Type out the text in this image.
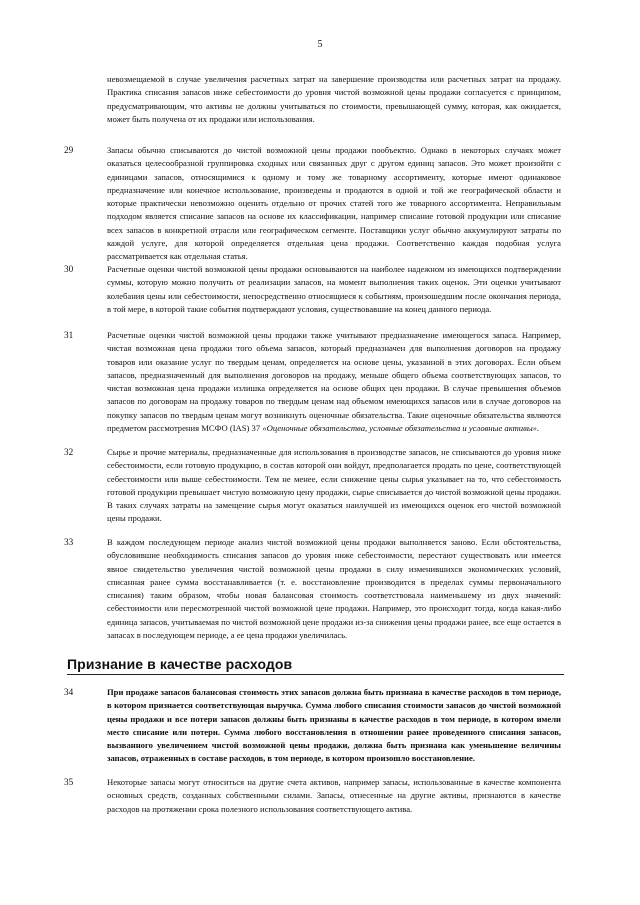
5
невозмещаемой в случае увеличения расчетных затрат на завершение производства или расчетных затрат на продажу. Практика списания запасов ниже себестоимости до уровня чистой возможной цены продажи согласуется с принципом, предусматривающим, что активы не должны учитываться по стоимости, превышающей сумму, которая, как ожидается, может быть получена от их продажи или использования.
29	Запасы обычно списываются до чистой возможной цены продажи пообъектно. Однако в некоторых случаях может оказаться целесообразной группировка сходных или связанных друг с другом единиц запасов. Это может произойти с единицами запасов, относящимися к одному и тому же товарному ассортименту, которые имеют одинаковое предназначение или конечное использование, произведены и продаются в одной и той же географической области и которые практически невозможно оценить отдельно от прочих статей того же товарного ассортимента. Неправильным подходом является списание запасов на основе их классификации, например списание готовой продукции или списание всех запасов в конкретной отрасли или географическом сегменте. Поставщики услуг обычно аккумулируют затраты по каждой услуге, для которой определяется отдельная цена продажи. Соответственно каждая подобная услуга рассматривается как отдельная статья.
30	Расчетные оценки чистой возможной цены продажи основываются на наиболее надежном из имеющихся подтверждении суммы, которую можно получить от реализации запасов, на момент выполнения таких оценок. Эти оценки учитывают колебания цены или себестоимости, непосредственно относящиеся к событиям, произошедшим после окончания периода, в той мере, в которой такие события подтверждают условия, существовавшие на конец данного периода.
31	Расчетные оценки чистой возможной цены продажи также учитывают предназначение имеющегося запаса. Например, чистая возможная цена продажи того объема запасов, который предназначен для выполнения договоров на продажу товаров или оказание услуг по твердым ценам, определяется на основе цены, указанной в этих договорах. Если объем запасов, предназначенный для выполнения договоров на продажу, меньше общего объема соответствующих запасов, то чистая возможная цена продажи излишка определяется на основе общих цен продажи. В случае превышения объемов запасов по договорам на продажу товаров по твердым ценам над объемом имеющихся запасов или в случае договоров на покупку запасов по твердым ценам могут возникнуть оценочные обязательства. Такие оценочные обязательства являются предметом рассмотрения МСФО (IAS) 37 «Оценочные обязательства, условные обязательства и условные активы».
32	Сырье и прочие материалы, предназначенные для использования в производстве запасов, не списываются до уровня ниже себестоимости, если готовую продукцию, в состав которой они войдут, предполагается продать по цене, соответствующей себестоимости или выше себестоимости. Тем не менее, если снижение цены сырья указывает на то, что себестоимость готовой продукции превышает чистую возможную цену продажи, сырье списывается до чистой возможной цены продажи. В таких случаях затраты на замещение сырья могут оказаться наилучшей из имеющихся оценок его чистой возможной цены продажи.
33	В каждом последующем периоде анализ чистой возможной цены продажи выполняется заново. Если обстоятельства, обусловившие необходимость списания запасов до уровня ниже себестоимости, перестают существовать или имеется явное свидетельство увеличения чистой возможной цены продажи в силу изменившихся экономических условий, списанная ранее сумма восстанавливается (т. е. восстановление производится в пределах суммы первоначального списания) таким образом, чтобы новая балансовая стоимость соответствовала наименьшему из двух значений: себестоимости или пересмотренной чистой возможной цене продажи. Например, это происходит тогда, когда какая-либо единица запасов, учитываемая по чистой возможной цене продажи из-за снижения цены продажи ранее, все еще остается в запасах в последующем периоде, а ее цена продажи увеличилась.
Признание в качестве расходов
34	При продаже запасов балансовая стоимость этих запасов должна быть признана в качестве расходов в том периоде, в котором признается соответствующая выручка. Сумма любого списания стоимости запасов до чистой возможной цены продажи и все потери запасов должны быть признаны в качестве расходов в том периоде, в котором имели место списание или потери. Сумма любого восстановления в отношении ранее проведенного списания запасов, вызванного увеличением чистой возможной цены продажи, должна быть признана как уменьшение величины запасов, отраженных в составе расходов, в том периоде, в котором произошло восстановление.
35	Некоторые запасы могут относиться на другие счета активов, например запасы, использованные в качестве компонента основных средств, созданных собственными силами. Запасы, отнесенные на другие активы, признаются в качестве расходов на протяжении срока полезного использования соответствующего актива.
